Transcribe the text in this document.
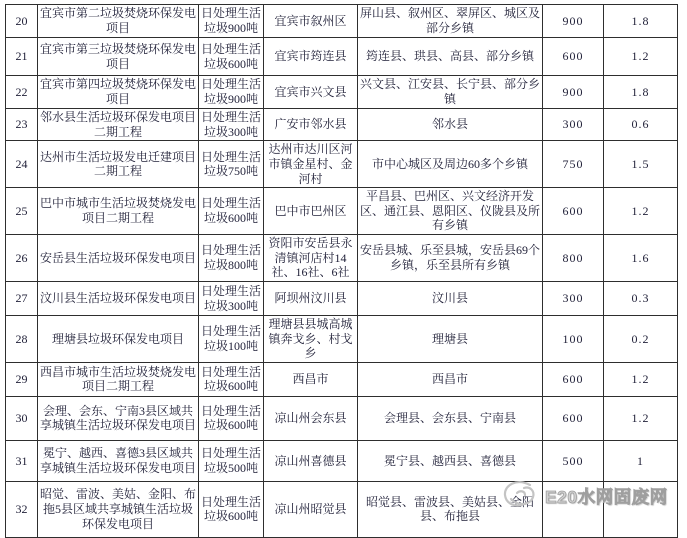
20	宜宾市第二垃圾焚烧环保发电项目	日处理生活垃圾900吨	宜宾市叙州区	屏山县、叙州区、翠屏区、城区及部分乡镇	900	1.8
21	宜宾市第三垃圾焚烧环保发电项目	日处理生活垃圾600吨	宜宾市筠连县	筠连县、珙县、高县、部分乡镇	600	1.2
22	宜宾市第四垃圾焚烧环保发电项目	日处理生活垃圾900吨	宜宾市兴文县	兴文县、江安县、长宁县、部分乡镇	900	1.8
23	邻水县生活垃圾环保发电项目二期工程	日处理生活垃圾300吨	广安市邻水县	邻水县	300	0.6
24	达州市生活垃圾发电迁建项目二期工程	日处理生活垃圾750吨	达州市达川区河市镇金星村、金河村	市中心城区及周边60多个乡镇	750	1.5
25	巴中市城市生活垃圾焚烧发电项目二期工程	日处理生活垃圾600吨	巴中市巴州区	平昌县、巴州区、兴文经济开发区、通江县、恩阳区、仪陇县及所有乡镇	600	1.2
26	安岳县生活垃圾环保发电项目	日处理生活垃圾800吨	资阳市安岳县永清镇河店村14社、16社、6社	安岳县城、乐至县城，安岳县69个乡镇，乐至县所有乡镇	800	1.6
27	汶川县生活垃圾环保发电项目	日处理生活垃圾300吨	阿坝州汶川县	汶川县	300	0.3
28	理塘县垃圾环保发电项目	日处理生活垃圾100吨	理塘县县城高城镇奔戈乡、村戈乡	理塘县	100	0.2
29	西昌市城市生活垃圾焚烧发电项目二期工程	日处理生活垃圾600吨	西昌市	西昌市	600	1.2
30	会理、会东、宁南3县区域共享城镇生活垃圾环保发电项目	日处理生活垃圾600吨	凉山州会东县	会理县、会东县、宁南县	600	1.2
31	冕宁、越西、喜德3县区域共享城镇生活垃圾环保发电项目	日处理生活垃圾500吨	凉山州喜德县	冕宁县、越西县、喜德县	500	1
32	昭觉、雷波、美姑、金阳、布拖5县区域共享城镇生活垃圾环保发电项目	日处理生活垃圾600吨	凉山州昭觉县	昭觉县、雷波县、美姑县、金阳县、布拖县		
E20水网固废网
